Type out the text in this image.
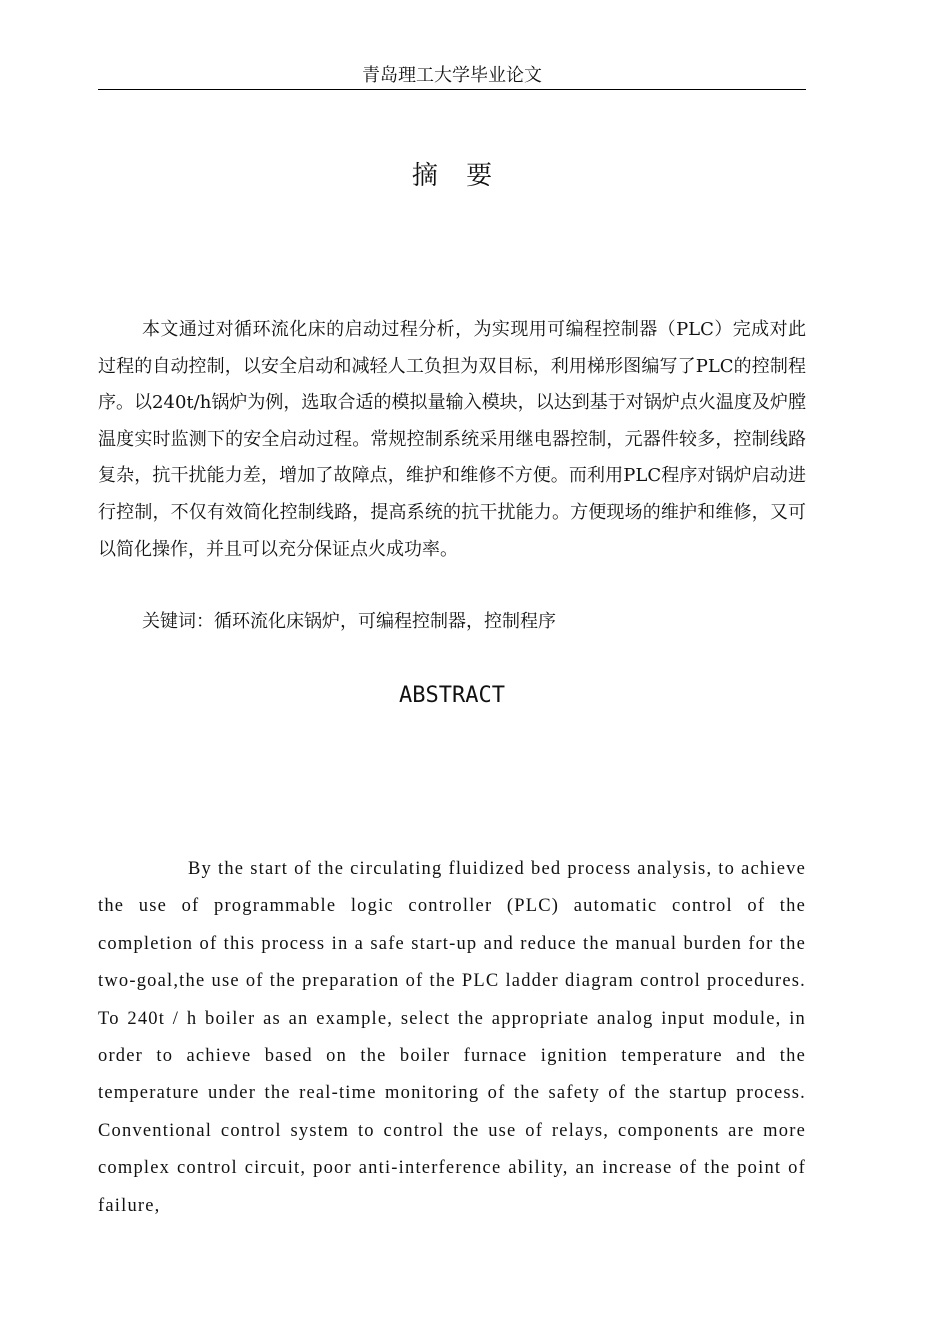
青岛理工大学毕业论文
摘 要

本文通过对循环流化床的启动过程分析，为实现用可编程控制器（PLC）完成对此过程的自动控制，以安全启动和减轻人工负担为双目标，利用梯形图编写了PLC的控制程序。以240t/h锅炉为例，选取合适的模拟量输入模块，以达到基于对锅炉点火温度及炉膛温度实时监测下的安全启动过程。常规控制系统采用继电器控制，元器件较多，控制线路复杂，抗干扰能力差，增加了故障点，维护和维修不方便。而利用PLC程序对锅炉启动进行控制，不仅有效简化控制线路，提高系统的抗干扰能力。方便现场的维护和维修，又可以简化操作，并且可以充分保证点火成功率。

关键词：循环流化床锅炉，可编程控制器，控制程序

ABSTRACT

By the start of the circulating fluidized bed process analysis, to achieve the use of programmable logic controller (PLC) automatic control of the completion of this process in a safe start-up and reduce the manual burden for the two-goal,the use of the preparation of the PLC ladder diagram control procedures. To 240t / h boiler as an example, select the appropriate analog input module, in order to achieve based on the boiler furnace ignition temperature and the temperature under the real-time monitoring of the safety of the startup process. Conventional control system to control the use of relays, components are more complex control circuit, poor anti-interference ability, an increase of the point of failure,
